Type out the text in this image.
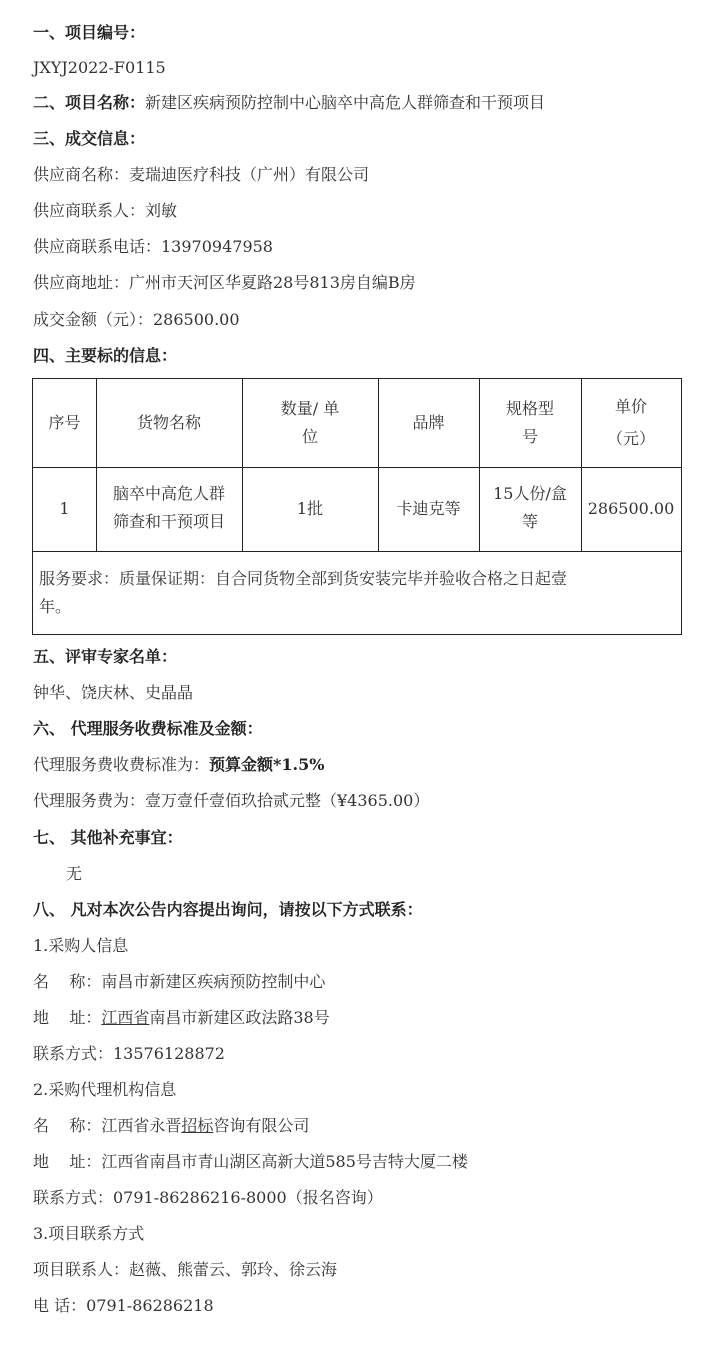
一、项目编号：
JXYJ2022-F0115
二、项目名称：新建区疾病预防控制中心脑卒中高危人群筛查和干预项目
三、成交信息：
供应商名称：麦瑞迪医疗科技（广州）有限公司
供应商联系人：刘敏
供应商联系电话：13970947958
供应商地址：广州市天河区华夏路28号813房自编B房
成交金额（元）：286500.00
四、主要标的信息：
序号	货物名称
数量/ 单
位
品牌
规格型
号
单价
（元）
1
脑卒中高危人群
筛查和干预项目
1批	卡迪克等
15人份/盒
等
286500.00
服务要求：质量保证期：自合同货物全部到货安装完毕并验收合格之日起壹
年。
五、评审专家名单：
钟华、饶庆林、史晶晶
六、 代理服务收费标准及金额：
代理服务费收费标准为：预算金额*1.5%
代理服务费为：壹万壹仟壹佰玖拾贰元整（¥4365.00）
七、 其他补充事宜：
无
八、 凡对本次公告内容提出询问，请按以下方式联系：
1.采购人信息
名    称：南昌市新建区疾病预防控制中心
地    址：江西省南昌市新建区政法路38号
联系方式：13576128872
2.采购代理机构信息
名    称：江西省永晋招标咨询有限公司
地    址：江西省南昌市青山湖区高新大道585号吉特大厦二楼
联系方式：0791-86286216-8000（报名咨询）
3.项目联系方式
项目联系人：赵薇、熊蕾云、郭玲、徐云海
电 话：0791-86286218
